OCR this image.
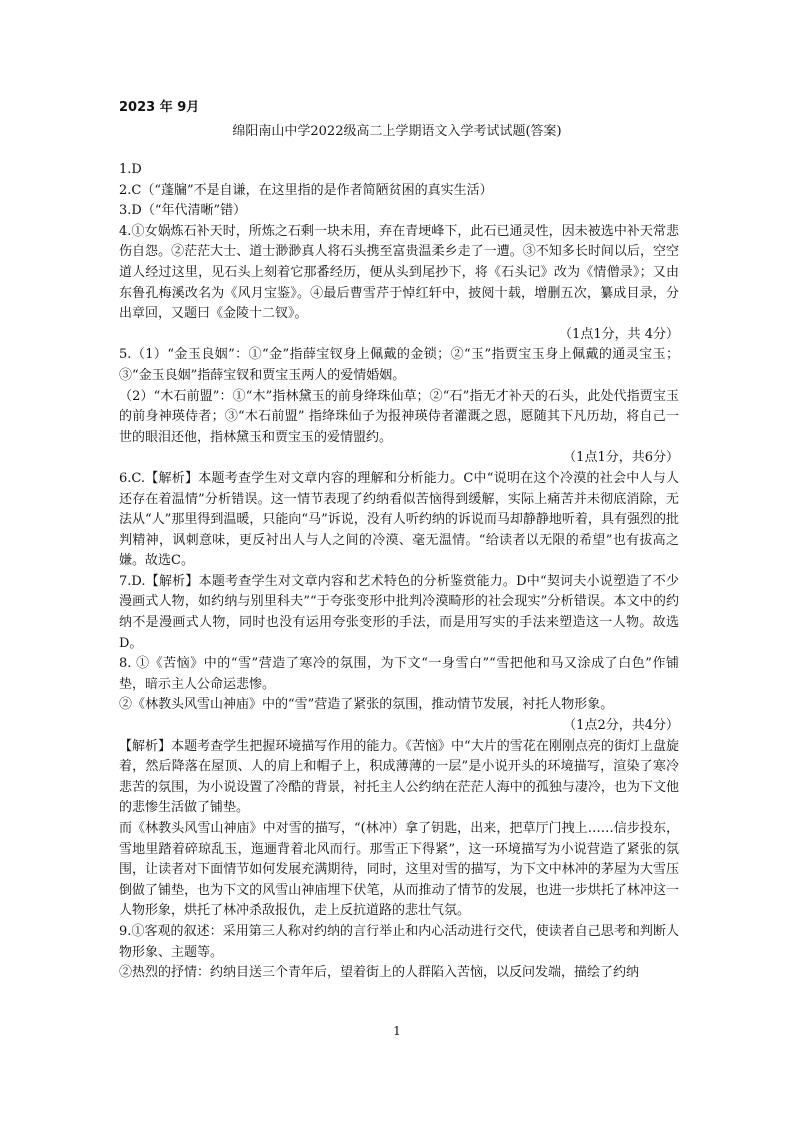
2023 年 9月
绵阳南山中学2022级高二上学期语文入学考试试题(答案)

1.D

2.C（“蓬牖”不是自谦，在这里指的是作者简陋贫困的真实生活）

3.D（“年代清晰”错）

4.①女娲炼石补天时，所炼之石剩一块未用，弃在青埂峰下，此石已通灵性，因未被选中补天常悲伤自怨。②茫茫大士、道士渺渺真人将石头携至富贵温柔乡走了一遭。③不知多长时间以后，空空道人经过这里，见石头上刻着它那番经历，便从头到尾抄下，将《石头记》改为《情僧录》；又由东鲁孔梅溪改名为《风月宝鉴》。④最后曹雪芹于悼红轩中，披阅十载，增删五次，纂成目录，分出章回，又题曰《金陵十二钗》。

（1点1分，共 4分）

5.（1）“金玉良姻”：①“金”指薛宝钗身上佩戴的金锁；②“玉”指贾宝玉身上佩戴的通灵宝玉；③“金玉良姻”指薛宝钗和贾宝玉两人的爱情婚姻。

（2）“木石前盟”：①“木”指林黛玉的前身绛珠仙草；②“石”指无才补天的石头，此处代指贾宝玉的前身神瑛侍者；③“木石前盟” 指绛珠仙子为报神瑛侍者灌溉之恩，愿随其下凡历劫，将自己一世的眼泪还他，指林黛玉和贾宝玉的爱情盟约。

（1点1分，共6分）

6.C.【解析】本题考查学生对文章内容的理解和分析能力。C中“说明在这个冷漠的社会中人与人还存在着温情”分析错误。这一情节表现了约纳看似苦恼得到缓解，实际上痛苦并未彻底消除，无法从“人”那里得到温暖，只能向“马”诉说，没有人听约纳的诉说而马却静静地听着，具有强烈的批判精神，讽刺意味，更反衬出人与人之间的冷漠、毫无温情。“给读者以无限的希望”也有拔高之嫌。故选C。

7.D.【解析】本题考查学生对文章内容和艺术特色的分析鉴赏能力。D中“契诃夫小说塑造了不少漫画式人物，如约纳与别里科夫”“于夸张变形中批判冷漠畸形的社会现实”分析错误。本文中的约纳不是漫画式人物，同时也没有运用夸张变形的手法，而是用写实的手法来塑造这一人物。故选D。

8. ①《苦恼》中的“雪”营造了寒冷的氛围，为下文“一身雪白”“雪把他和马又涂成了白色”作铺垫，暗示主人公命运悲惨。

②《林教头风雪山神庙》中的“雪”营造了紧张的氛围，推动情节发展，衬托人物形象。

（1点2分，共4分）

【解析】本题考查学生把握环境描写作用的能力。《苦恼》中“大片的雪花在刚刚点亮的街灯上盘旋着，然后降落在屋顶、人的肩上和帽子上，积成薄薄的一层”是小说开头的环境描写，渲染了寒冷悲苦的氛围，为小说设置了冷酷的背景，衬托主人公约纳在茫茫人海中的孤独与凄冷，也为下文他的悲惨生活做了铺垫。

而《林教头风雪山神庙》中对雪的描写，“(林冲）拿了钥匙，出来，把草厅门拽上……信步投东，雪地里踏着碎琼乱玉，迤逦背着北风而行。那雪正下得紧”，这一环境描写为小说营造了紧张的氛围，让读者对下面情节如何发展充满期待，同时，这里对雪的描写，为下文中林冲的茅屋为大雪压倒做了铺垫，也为下文的风雪山神庙埋下伏笔，从而推动了情节的发展，也进一步烘托了林冲这一人物形象，烘托了林冲杀敌报仇，走上反抗道路的悲壮气氛。

9.①客观的叙述：采用第三人称对约纳的言行举止和内心活动进行交代，使读者自己思考和判断人物形象、主题等。

②热烈的抒情：约纳目送三个青年后，望着街上的人群陷入苦恼，以反问发端，描绘了约纳

1
